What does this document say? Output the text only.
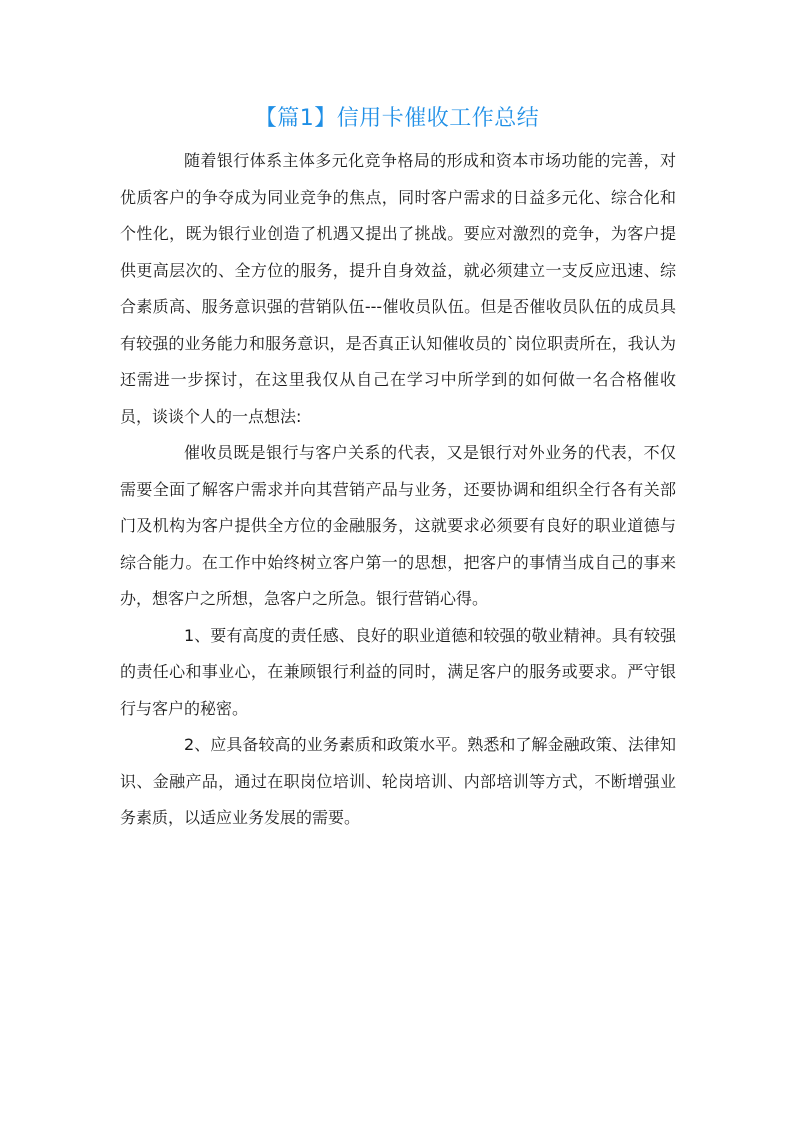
【篇1】信用卡催收工作总结

随着银行体系主体多元化竞争格局的形成和资本市场功能的完善，对优质客户的争夺成为同业竞争的焦点，同时客户需求的日益多元化、综合化和个性化，既为银行业创造了机遇又提出了挑战。要应对激烈的竞争，为客户提供更高层次的、全方位的服务，提升自身效益，就必须建立一支反应迅速、综合素质高、服务意识强的营销队伍---催收员队伍。但是否催收员队伍的成员具有较强的业务能力和服务意识，是否真正认知催收员的`岗位职责所在，我认为还需进一步探讨，在这里我仅从自己在学习中所学到的如何做一名合格催收员，谈谈个人的一点想法:

催收员既是银行与客户关系的代表，又是银行对外业务的代表，不仅需要全面了解客户需求并向其营销产品与业务，还要协调和组织全行各有关部门及机构为客户提供全方位的金融服务，这就要求必须要有良好的职业道德与综合能力。在工作中始终树立客户第一的思想，把客户的事情当成自己的事来办，想客户之所想，急客户之所急。银行营销心得。

1、要有高度的责任感、良好的职业道德和较强的敬业精神。具有较强的责任心和事业心，在兼顾银行利益的同时，满足客户的服务或要求。严守银行与客户的秘密。

2、应具备较高的业务素质和政策水平。熟悉和了解金融政策、法律知识、金融产品，通过在职岗位培训、轮岗培训、内部培训等方式，不断增强业务素质，以适应业务发展的需要。
